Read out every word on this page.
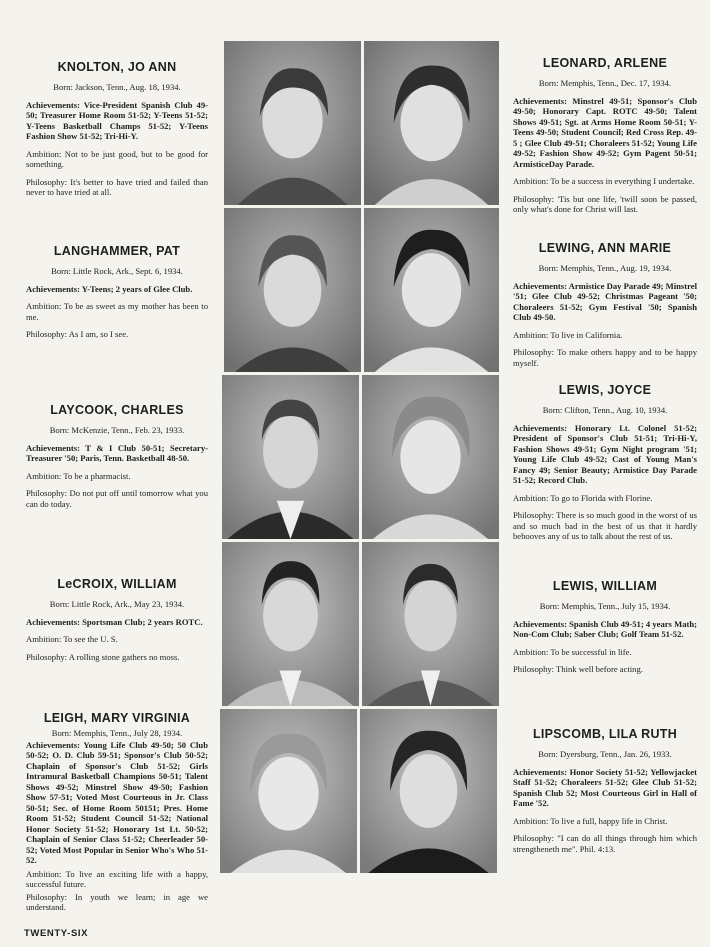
KNOLTON, JO ANN
Born: Jackson, Tenn., Aug. 18, 1934.

Achievements: Vice-President Spanish Club 49-50; Treasurer Home Room 51-52; Y-Teens 51-52; Y-Teens Basketball Champs 51-52; Y-Teens Fashion Show 51-52; Tri-Hi-Y.

Ambition: Not to be just good, but to be good for something.

Philosophy: It's better to have tried and failed than never to have tried at all.

LANGHAMMER, PAT
Born: Little Rock, Ark., Sept. 6, 1934.

Achievements: Y-Teens; 2 years of Glee Club.

Ambition: To be as sweet as my mother has been to me.

Philosophy: As I am, so I see.

LAYCOOK, CHARLES
Born: McKenzie, Tenn., Feb. 23, 1933.

Achievements: T & I Club 50-51; Secretary-Treasurer '50; Paris, Tenn. Basketball 48-50.

Ambition: To be a pharmacist.

Philosophy: Do not put off until tomorrow what you can do today.

LeCROIX, WILLIAM
Born: Little Rock, Ark., May 23, 1934.

Achievements: Sportsman Club; 2 years ROTC.

Ambition: To see the U. S.

Philosophy: A rolling stone gathers no moss.

LEIGH, MARY VIRGINIA
Born: Memphis, Tenn., July 28, 1934.

Achievements: Young Life Club 49-50; 50 Club 50-52; O. D. Club 59-51; Sponsor's Club 50-52; Chaplain of Sponsor's Club 51-52; Girls Intramural Basketball Champions 50-51; Talent Shows 49-52; Minstrel Show 49-50; Fashion Show 57-51; Voted Most Courteous in Jr. Class 50-51; Sec. of Home Room 50151; Pres. Home Room 51-52; Student Council 51-52; National Honor Society 51-52; Honorary 1st Lt. 50-52; Chaplain of Senior Class 51-52; Cheerleader 50-52; Voted Most Popular in Senior Who's Who 51-52.

Ambition: To live an exciting life with a happy, successful future.

Philosophy: In youth we learn; in age we understand.

LEONARD, ARLENE
Born: Memphis, Tenn., Dec. 17, 1934.

Achievements: Minstrel 49-51; Sponsor's Club 49-50; Honorary Capt. ROTC 49-50; Talent Shows 49-51; Sgt. at Arms Home Room 50-51; Y-Teens 49-50; Student Council; Red Cross Rep. 49-5 ; Glee Club 49-51; Choraleers 51-52; Young Life 49-52; Fashion Show 49-52; Gym Pagent 50-51; ArmisticeDay Parade.

Ambition: To be a success in everything I undertake.

Philosophy: 'Tis but one life, 'twill soon be passed, only what's done for Christ will last.

LEWING, ANN MARIE
Born: Memphis, Tenn., Aug. 19, 1934.

Achievements: Armistice Day Parade 49; Minstrel '51; Glee Club 49-52; Christmas Pageant '50; Choraleers 51-52; Gym Festival '50; Spanish Club 49-50.

Ambition: To live in California.

Philosophy: To make others happy and to be happy myself.

LEWIS, JOYCE
Born: Clifton, Tenn., Aug. 10, 1934.

Achievements: Honorary Lt. Colonel 51-52; President of Sponsor's Club 51-51; Tri-Hi-Y, Fashion Shows 49-51; Gym Night program '51; Young Life Club 49-52; Cast of Young Man's Fancy 49; Senior Beauty; Armistice Day Parade 51-52; Record Club.

Ambition: To go to Florida with Florine.

Philosophy: There is so much good in the worst of us and so much bad in the best of us that it hardly behooves any of us to talk about the rest of us.

LEWIS, WILLIAM
Born: Memphis, Tenn., July 15, 1934.

Achievements: Spanish Club 49-51; 4 years Math; Non-Com Club; Saber Club; Golf Team 51-52.

Ambition: To be successful in life.

Philosophy: Think well before acting.

LIPSCOMB, LILA RUTH
Born: Dyersburg, Tenn., Jan. 26, 1933.

Achievements: Honor Society 51-52; Yellowjacket Staff 51-52; Choraleers 51-52; Glee Club 51-52; Spanish Club 52; Most Courteous Girl in Hall of Fame '52.

Ambition: To live a full, happy life in Christ.

Philosophy: "I can do all things through him which strengtheneth me". Phil. 4:13.

TWENTY-SIX
